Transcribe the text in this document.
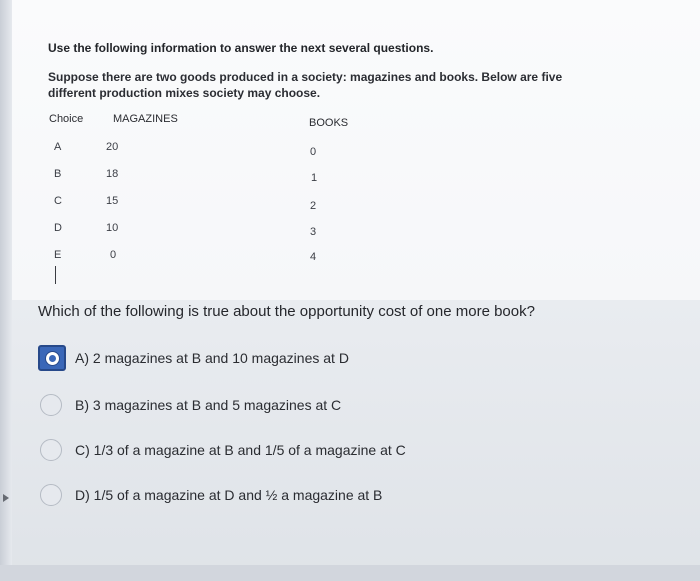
Use the following information to answer the next several questions.
Suppose there are two goods produced in a society: magazines and books. Below are five different production mixes society may choose.
Choice	MAGAZINES	BOOKS
A	20	0
B	18	1
C	15	2
D	10	3
E	0	4
Which of the following is true about the opportunity cost of one more book?
A) 2 magazines at B and 10 magazines at D
B) 3 magazines at B and 5 magazines at C
C) 1/3 of a magazine at B and 1/5 of a magazine at C
D) 1/5 of a magazine at D and ½ a magazine at B
